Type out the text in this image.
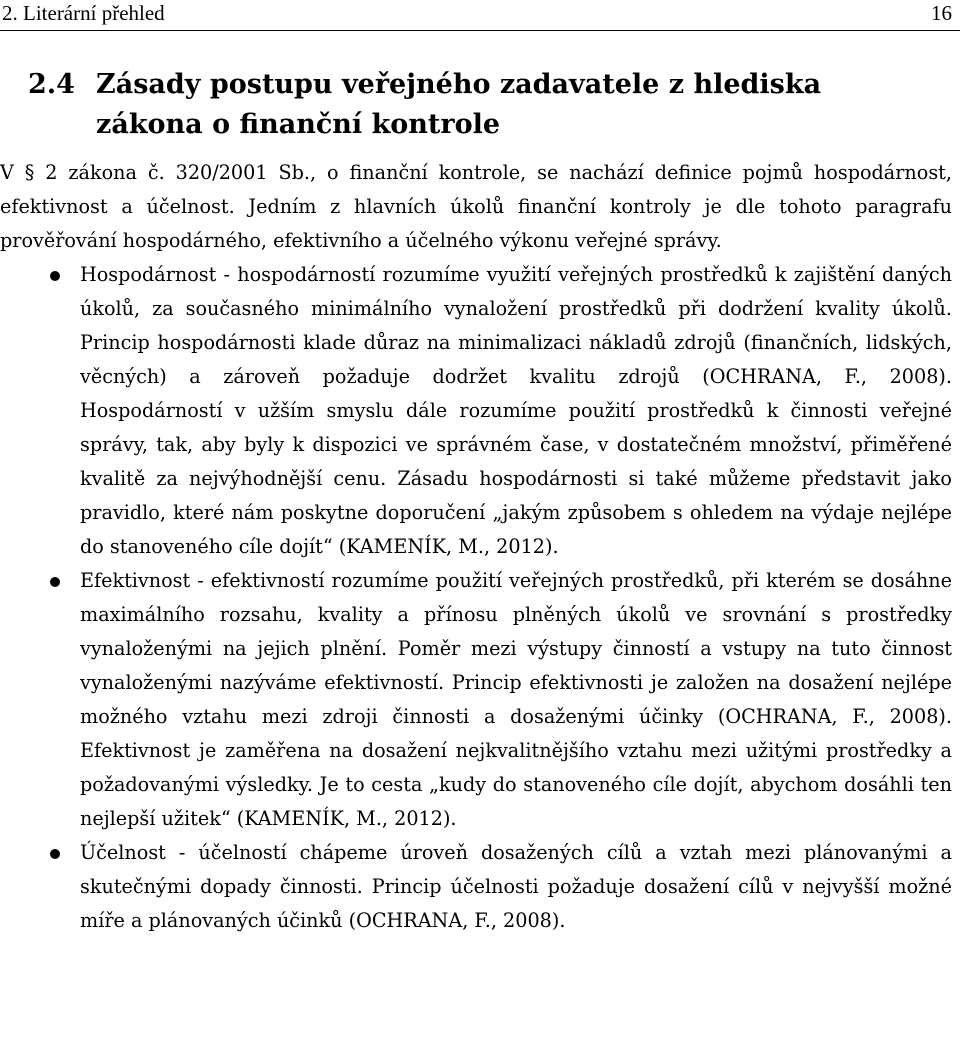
2. Literární přehled	16
2.4 Zásady postupu veřejného zadavatele z hlediska zákona o finanční kontrole

V § 2 zákona č. 320/2001 Sb., o finanční kontrole, se nachází definice pojmů hospodárnost, efektivnost a účelnost. Jedním z hlavních úkolů finanční kontroly je dle tohoto paragrafu prověřování hospodárného, efektivního a účelného výkonu veřejné správy.

Hospodárnost - hospodárností rozumíme využití veřejných prostředků k zajištění daných úkolů, za současného minimálního vynaložení prostředků při dodržení kvality úkolů. Princip hospodárnosti klade důraz na minimalizaci nákladů zdrojů (finančních, lidských, věcných) a zároveň požaduje dodržet kvalitu zdrojů (OCHRANA, F., 2008). Hospodárností v užším smyslu dále rozumíme použití prostředků k činnosti veřejné správy, tak, aby byly k dispozici ve správném čase, v dostatečném množství, přiměřené kvalitě za nejvýhodnější cenu. Zásadu hospodárnosti si také můžeme představit jako pravidlo, které nám poskytne doporučení „jakým způsobem s ohledem na výdaje nejlépe do stanoveného cíle dojít“ (KAMENÍK, M., 2012).
Efektivnost - efektivností rozumíme použití veřejných prostředků, při kterém se dosáhne maximálního rozsahu, kvality a přínosu plněných úkolů ve srovnání s prostředky vynaloženými na jejich plnění. Poměr mezi výstupy činností a vstupy na tuto činnost vynaloženými nazýváme efektivností. Princip efektivnosti je založen na dosažení nejlépe možného vztahu mezi zdroji činnosti a dosaženými účinky (OCHRANA, F., 2008). Efektivnost je zaměřena na dosažení nejkvalitnějšího vztahu mezi užitými prostředky a požadovanými výsledky. Je to cesta „kudy do stanoveného cíle dojít, abychom dosáhli ten nejlepší užitek“ (KAMENÍK, M., 2012).
Účelnost - účelností chápeme úroveň dosažených cílů a vztah mezi plánovanými a skutečnými dopady činnosti. Princip účelnosti požaduje dosažení cílů v nejvyšší možné míře a plánovaných účinků (OCHRANA, F., 2008).
